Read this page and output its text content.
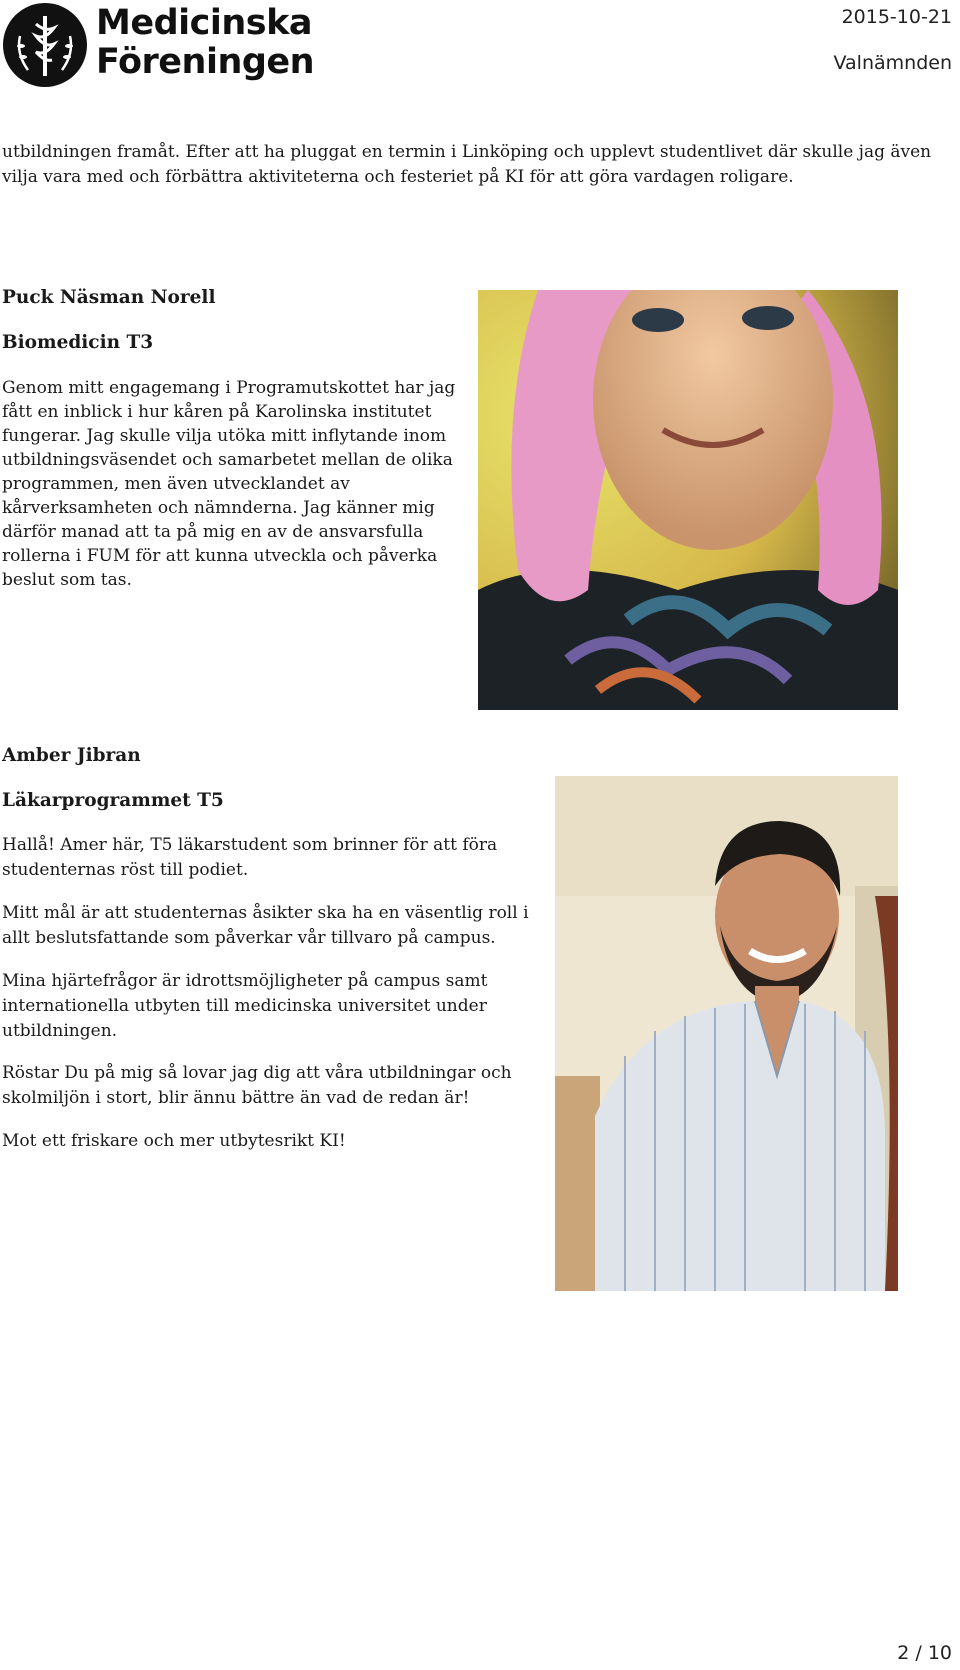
Medicinska
Föreningen
2015-10-21
Valnämnden

utbildningen framåt. Efter att ha pluggat en termin i Linköping och upplevt studentlivet där skulle jag även vilja vara med och förbättra aktiviteterna och festeriet på KI för att göra vardagen roligare.

Puck Näsman Norell
Biomedicin T3

Genom mitt engagemang i Programutskottet har jag fått en inblick i hur kåren på Karolinska institutet fungerar. Jag skulle vilja utöka mitt inflytande inom utbildningsväsendet och samarbetet mellan de olika programmen, men även utvecklandet av kårverksamheten och nämnderna. Jag känner mig därför manad att ta på mig en av de ansvarsfulla rollerna i FUM för att kunna utveckla och påverka beslut som tas.

Amber Jibran
Läkarprogrammet T5

Hallå! Amer här, T5 läkarstudent som brinner för att föra studenternas röst till podiet.

Mitt mål är att studenternas åsikter ska ha en väsentlig roll i allt beslutsfattande som påverkar vår tillvaro på campus.

Mina hjärtefrågor är idrottsmöjligheter på campus samt internationella utbyten till medicinska universitet under utbildningen.

Röstar Du på mig så lovar jag dig att våra utbildningar och skolmiljön i stort, blir ännu bättre än vad de redan är!

Mot ett friskare och mer utbytesrikt KI!

2 / 10
